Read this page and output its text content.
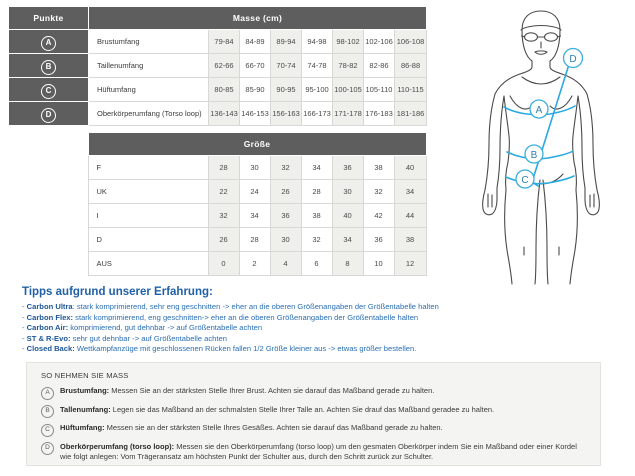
Punkte	Masse (cm)							
A	Brustumfang	79-84	84-89	89-94	94-98	98-102	102-106	106-108
B	Taillenumfang	62-66	66-70	70-74	74-78	78-82	82-86	86-88
C	Hüftumfang	80-85	85-90	90-95	95-100	100-105	105-110	110-115
D	Oberkörperumfang (Torso loop)	136-143	146-153	156-163	166-173	171-178	176-183	181-186
	Größe							
	F	28	30	32	34	36	38	40
	UK	22	24	26	28	30	32	34
	I	32	34	36	38	40	42	44
	D	26	28	30	32	34	36	38
	AUS	0	2	4	6	8	10	12
Tipps aufgrund unserer Erfahrung:
- Carbon Ultra: stark komprimierend, sehr eng geschnitten -> eher an die oberen Größenangaben der Größentabelle halten
- Carbon Flex: stark komprimierend, eng geschnitten-> eher an die oberen Größenangaben der Größentabelle halten
- Carbon Air: komprimierend, gut dehnbar -> auf Größentabelle achten
- ST & R-Evo: sehr gut dehnbar -> auf Größentabelle achten
- Closed Back: Wettkampfanzüge mit geschlossenen Rücken fallen 1/2 Größe kleiner aus -> etwas größer bestellen.
SO NEHMEN SIE MASS
A	Brustumfang: Messen Sie an der stärksten Stelle Ihrer Brust. Achten sie darauf das Maßband gerade zu halten.
B	Tallenumfang: Legen sie das Maßband an der schmalsten Stelle Ihrer Talle an. Achten Sie drauf das Maßband geradee zu halten.
C	Hüftumfang: Messen sie an der stärksten Stelle Ihres Gesäßes. Achten sie darauf das Maßband gerade zu halten.
D	Oberkörperumfang (torso loop): Messen sie den Oberkörperumfang (torso loop) um den gesmaten Oberkörper indem Sie ein Maßband oder einer Kordel wie folgt anlegen: Vom Trägeransatz am höchsten Punkt der Schulter aus, durch den Schritt zurück zur Schulter.
A
B
C
D
